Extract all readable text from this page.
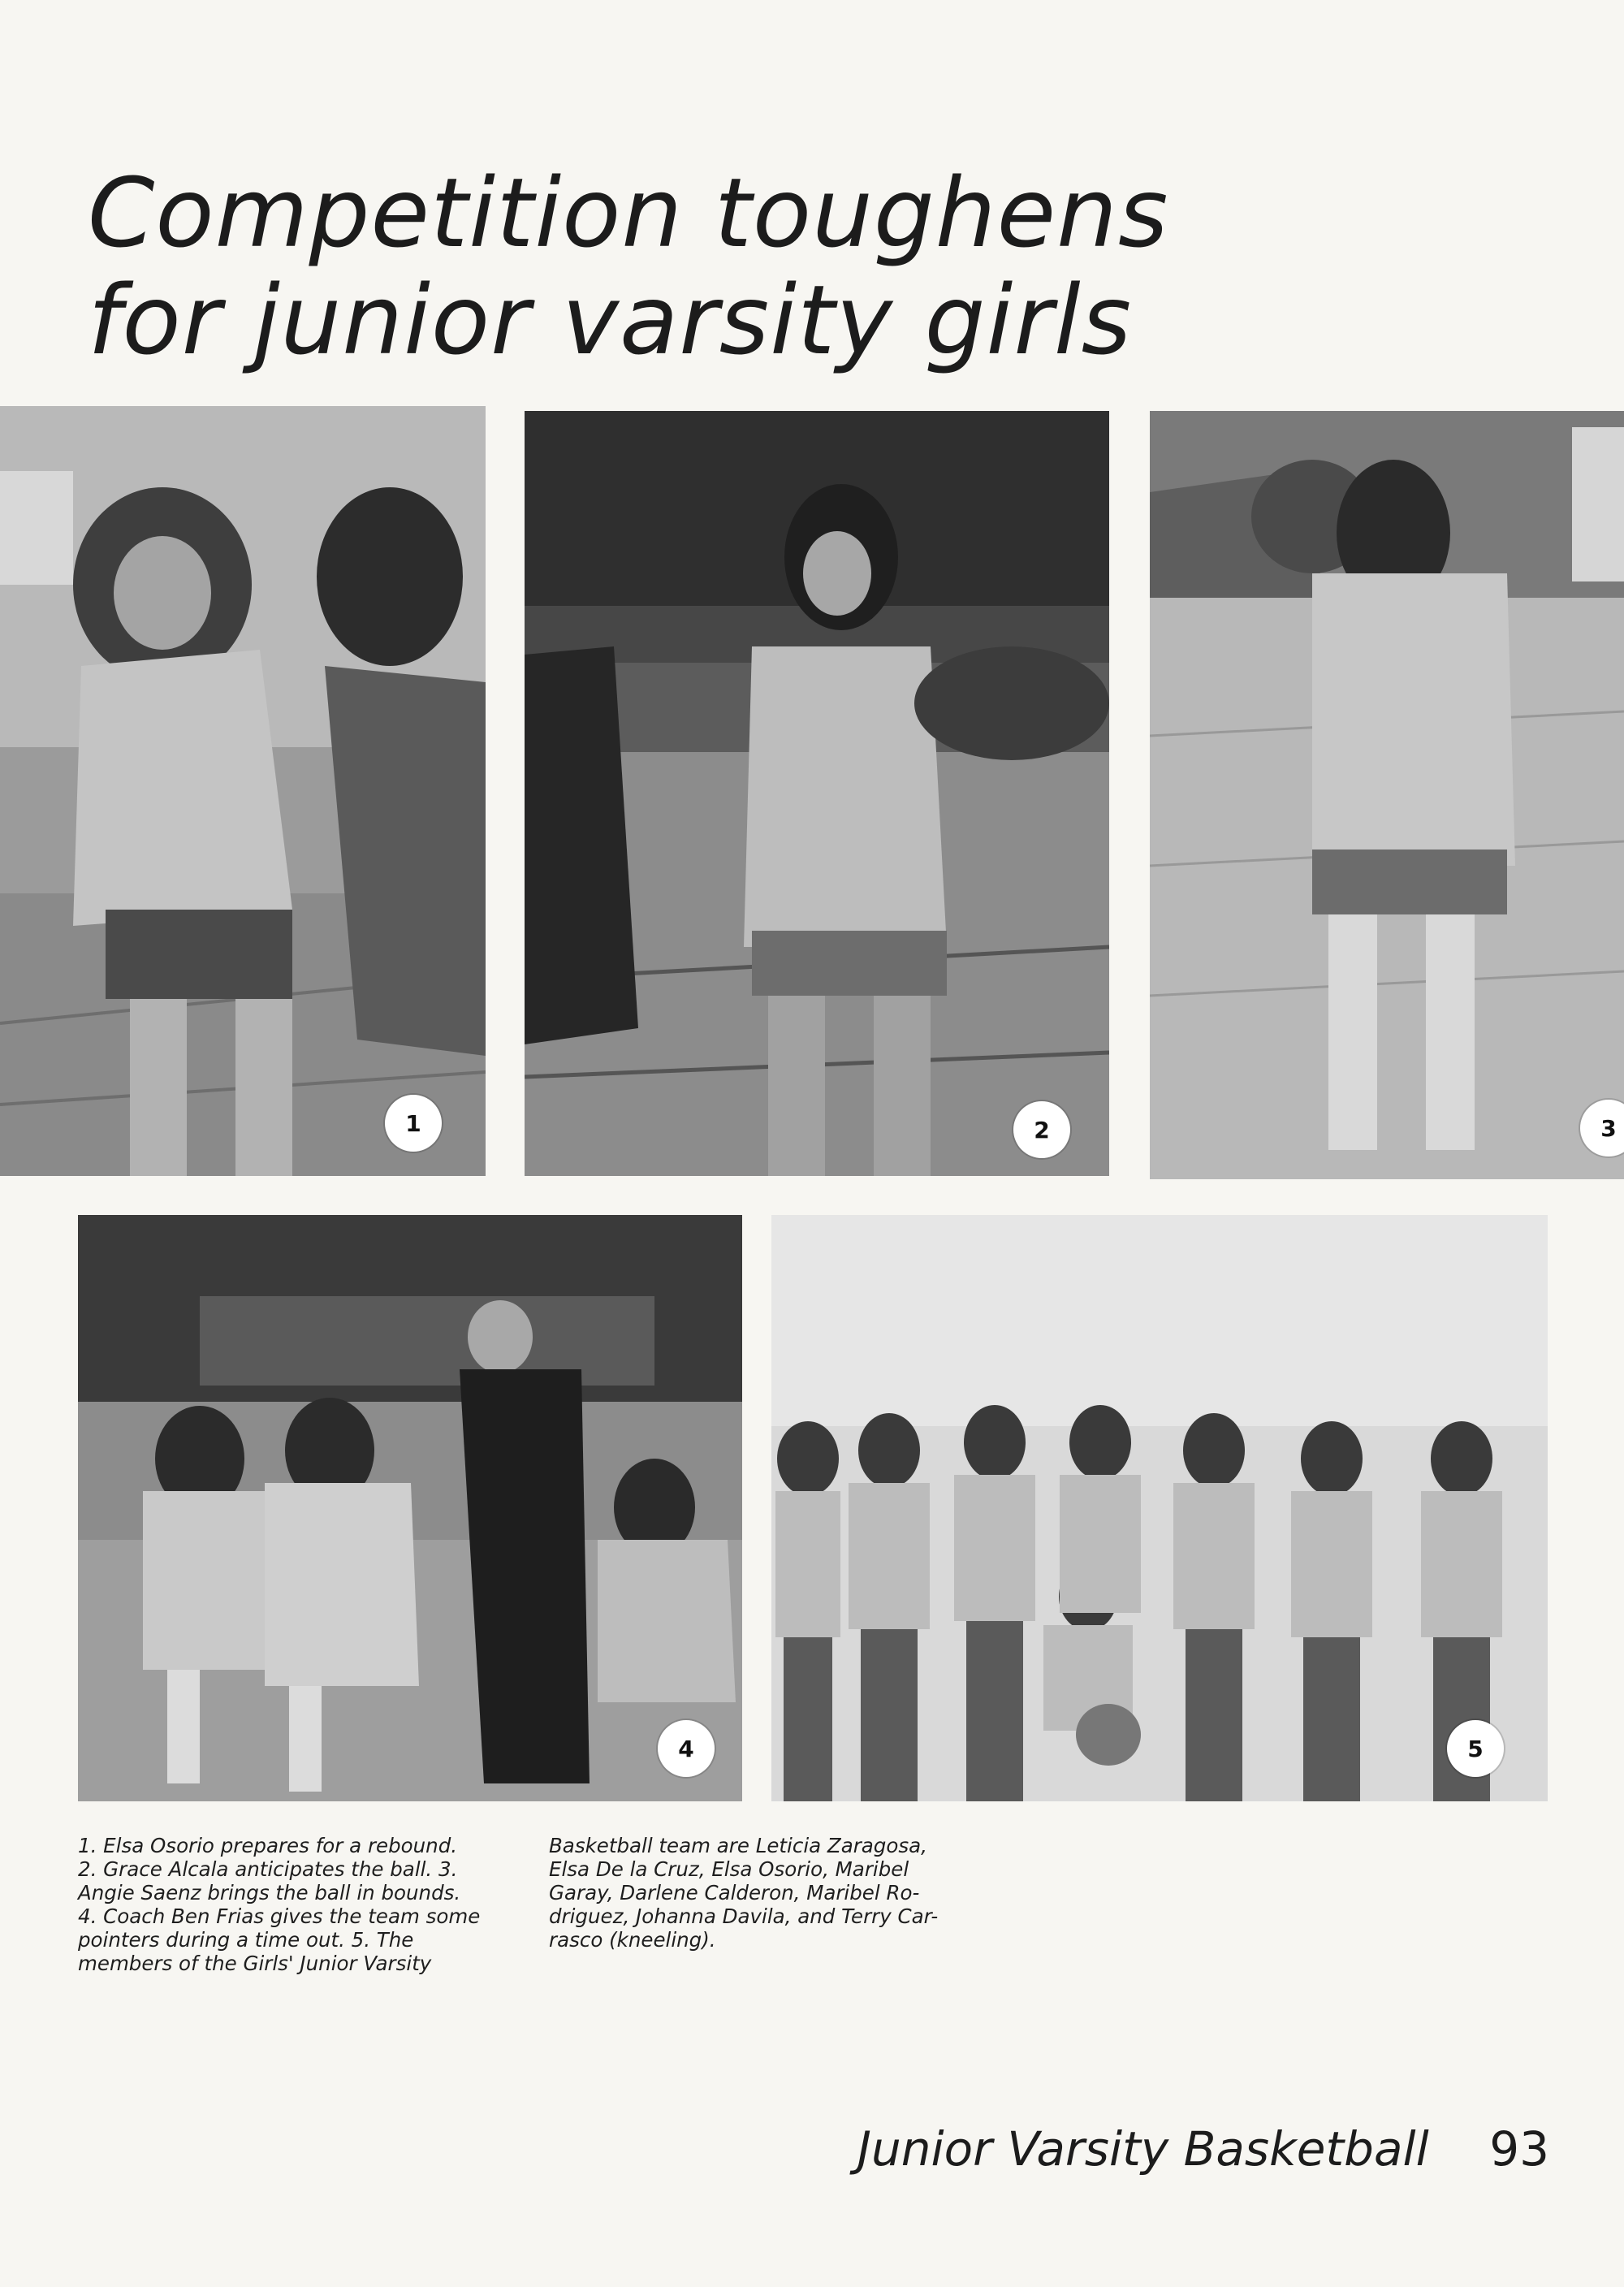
Competition toughens
for junior varsity girls
1	2	3
4	5

1. Elsa Osorio prepares for a rebound.
2. Grace Alcala anticipates the ball. 3.
Angie Saenz brings the ball in bounds.
4. Coach Ben Frias gives the team some
pointers during a time out. 5. The
members of the Girls' Junior Varsity

Basketball team are Leticia Zaragosa,
Elsa De la Cruz, Elsa Osorio, Maribel
Garay, Darlene Calderon, Maribel Ro-
driguez, Johanna Davila, and Terry Car-
rasco (kneeling).

Junior Varsity Basketball 93
